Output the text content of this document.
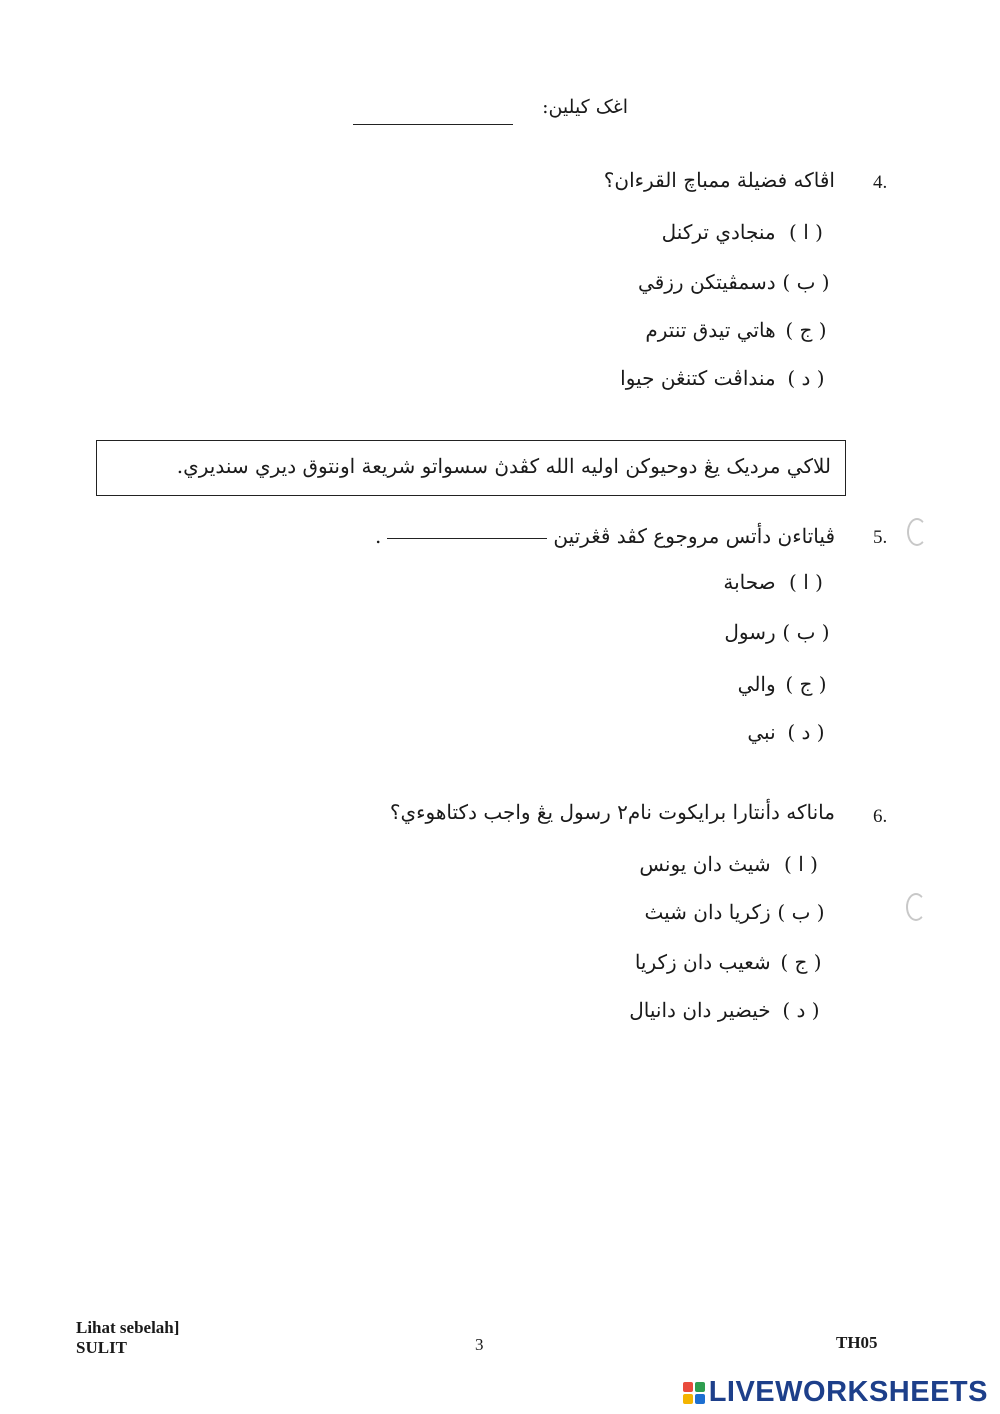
اغک کيلين:
4.
اڤاکه فضيلة ممباچ القرءان؟
( ا ) منجادي ترکنل
( ب ) دسمڤيتکن رزقي
( ج ) هاتي تيدق تنترم
( د ) منداڤت کتنڠن جيوا
للاکي مرديک يڠ دوحيوکن اوليه الله کڤدڽ سسواتو شريعة اونتوق ديري سنديري.
5.
ڤياتاءن دأتس مروجوع کڤد ڤڠرتين.
( ا ) صحابة
( ب ) رسول
( ج ) والي
( د ) نبي
6.
ماناکه دأنتارا برايکوت نام٢ رسول يڠ واجب دکتاهوءي؟
( ا ) شيث دان يونس
( ب ) زکريا دان شيث
( ج ) شعيب دان زکريا
( د ) خيضير دان دانيال
Lihat sebelah]
SULIT	3	TH05
LIVEWORKSHEETS
